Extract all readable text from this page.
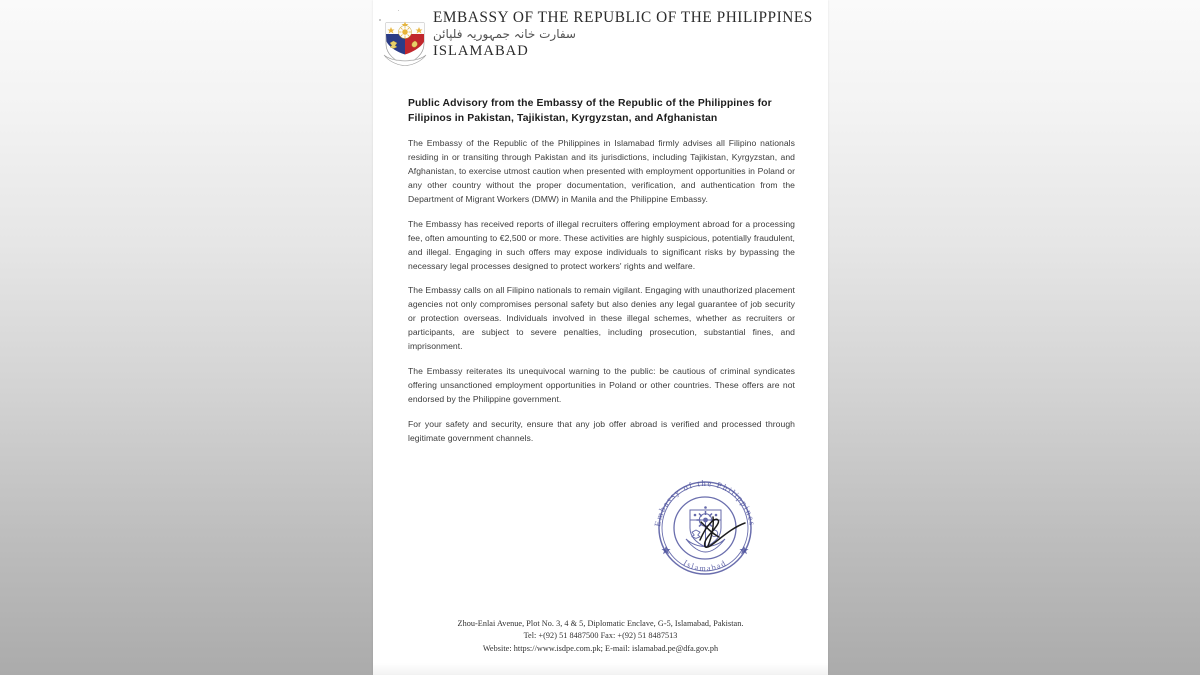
EMBASSY OF THE REPUBLIC OF THE PHILIPPINES
سفارت خانہ جمہوریہ فلپائن
ISLAMABAD
Public Advisory from the Embassy of the Republic of the Philippines for Filipinos in Pakistan, Tajikistan, Kyrgyzstan, and Afghanistan

The Embassy of the Republic of the Philippines in Islamabad firmly advises all Filipino nationals residing in or transiting through Pakistan and its jurisdictions, including Tajikistan, Kyrgyzstan, and Afghanistan, to exercise utmost caution when presented with employment opportunities in Poland or any other country without the proper documentation, verification, and authentication from the Department of Migrant Workers (DMW) in Manila and the Philippine Embassy.

The Embassy has received reports of illegal recruiters offering employment abroad for a processing fee, often amounting to €2,500 or more. These activities are highly suspicious, potentially fraudulent, and illegal. Engaging in such offers may expose individuals to significant risks by bypassing the necessary legal processes designed to protect workers' rights and welfare.

The Embassy calls on all Filipino nationals to remain vigilant. Engaging with unauthorized placement agencies not only compromises personal safety but also denies any legal guarantee of job security or protection overseas. Individuals involved in these illegal schemes, whether as recruiters or participants, are subject to severe penalties, including prosecution, substantial fines, and imprisonment.

The Embassy reiterates its unequivocal warning to the public: be cautious of criminal syndicates offering unsanctioned employment opportunities in Poland or other countries. These offers are not endorsed by the Philippine government.

For your safety and security, ensure that any job offer abroad is verified and processed through legitimate government channels.

Embassy of the Philippines
Islamabad
Zhou-Enlai Avenue, Plot No. 3, 4 & 5, Diplomatic Enclave, G-5, Islamabad, Pakistan.
Tel: +(92) 51 8487500 Fax: +(92) 51 8487513
Website: https://www.isdpe.com.pk; E-mail: islamabad.pe@dfa.gov.ph
